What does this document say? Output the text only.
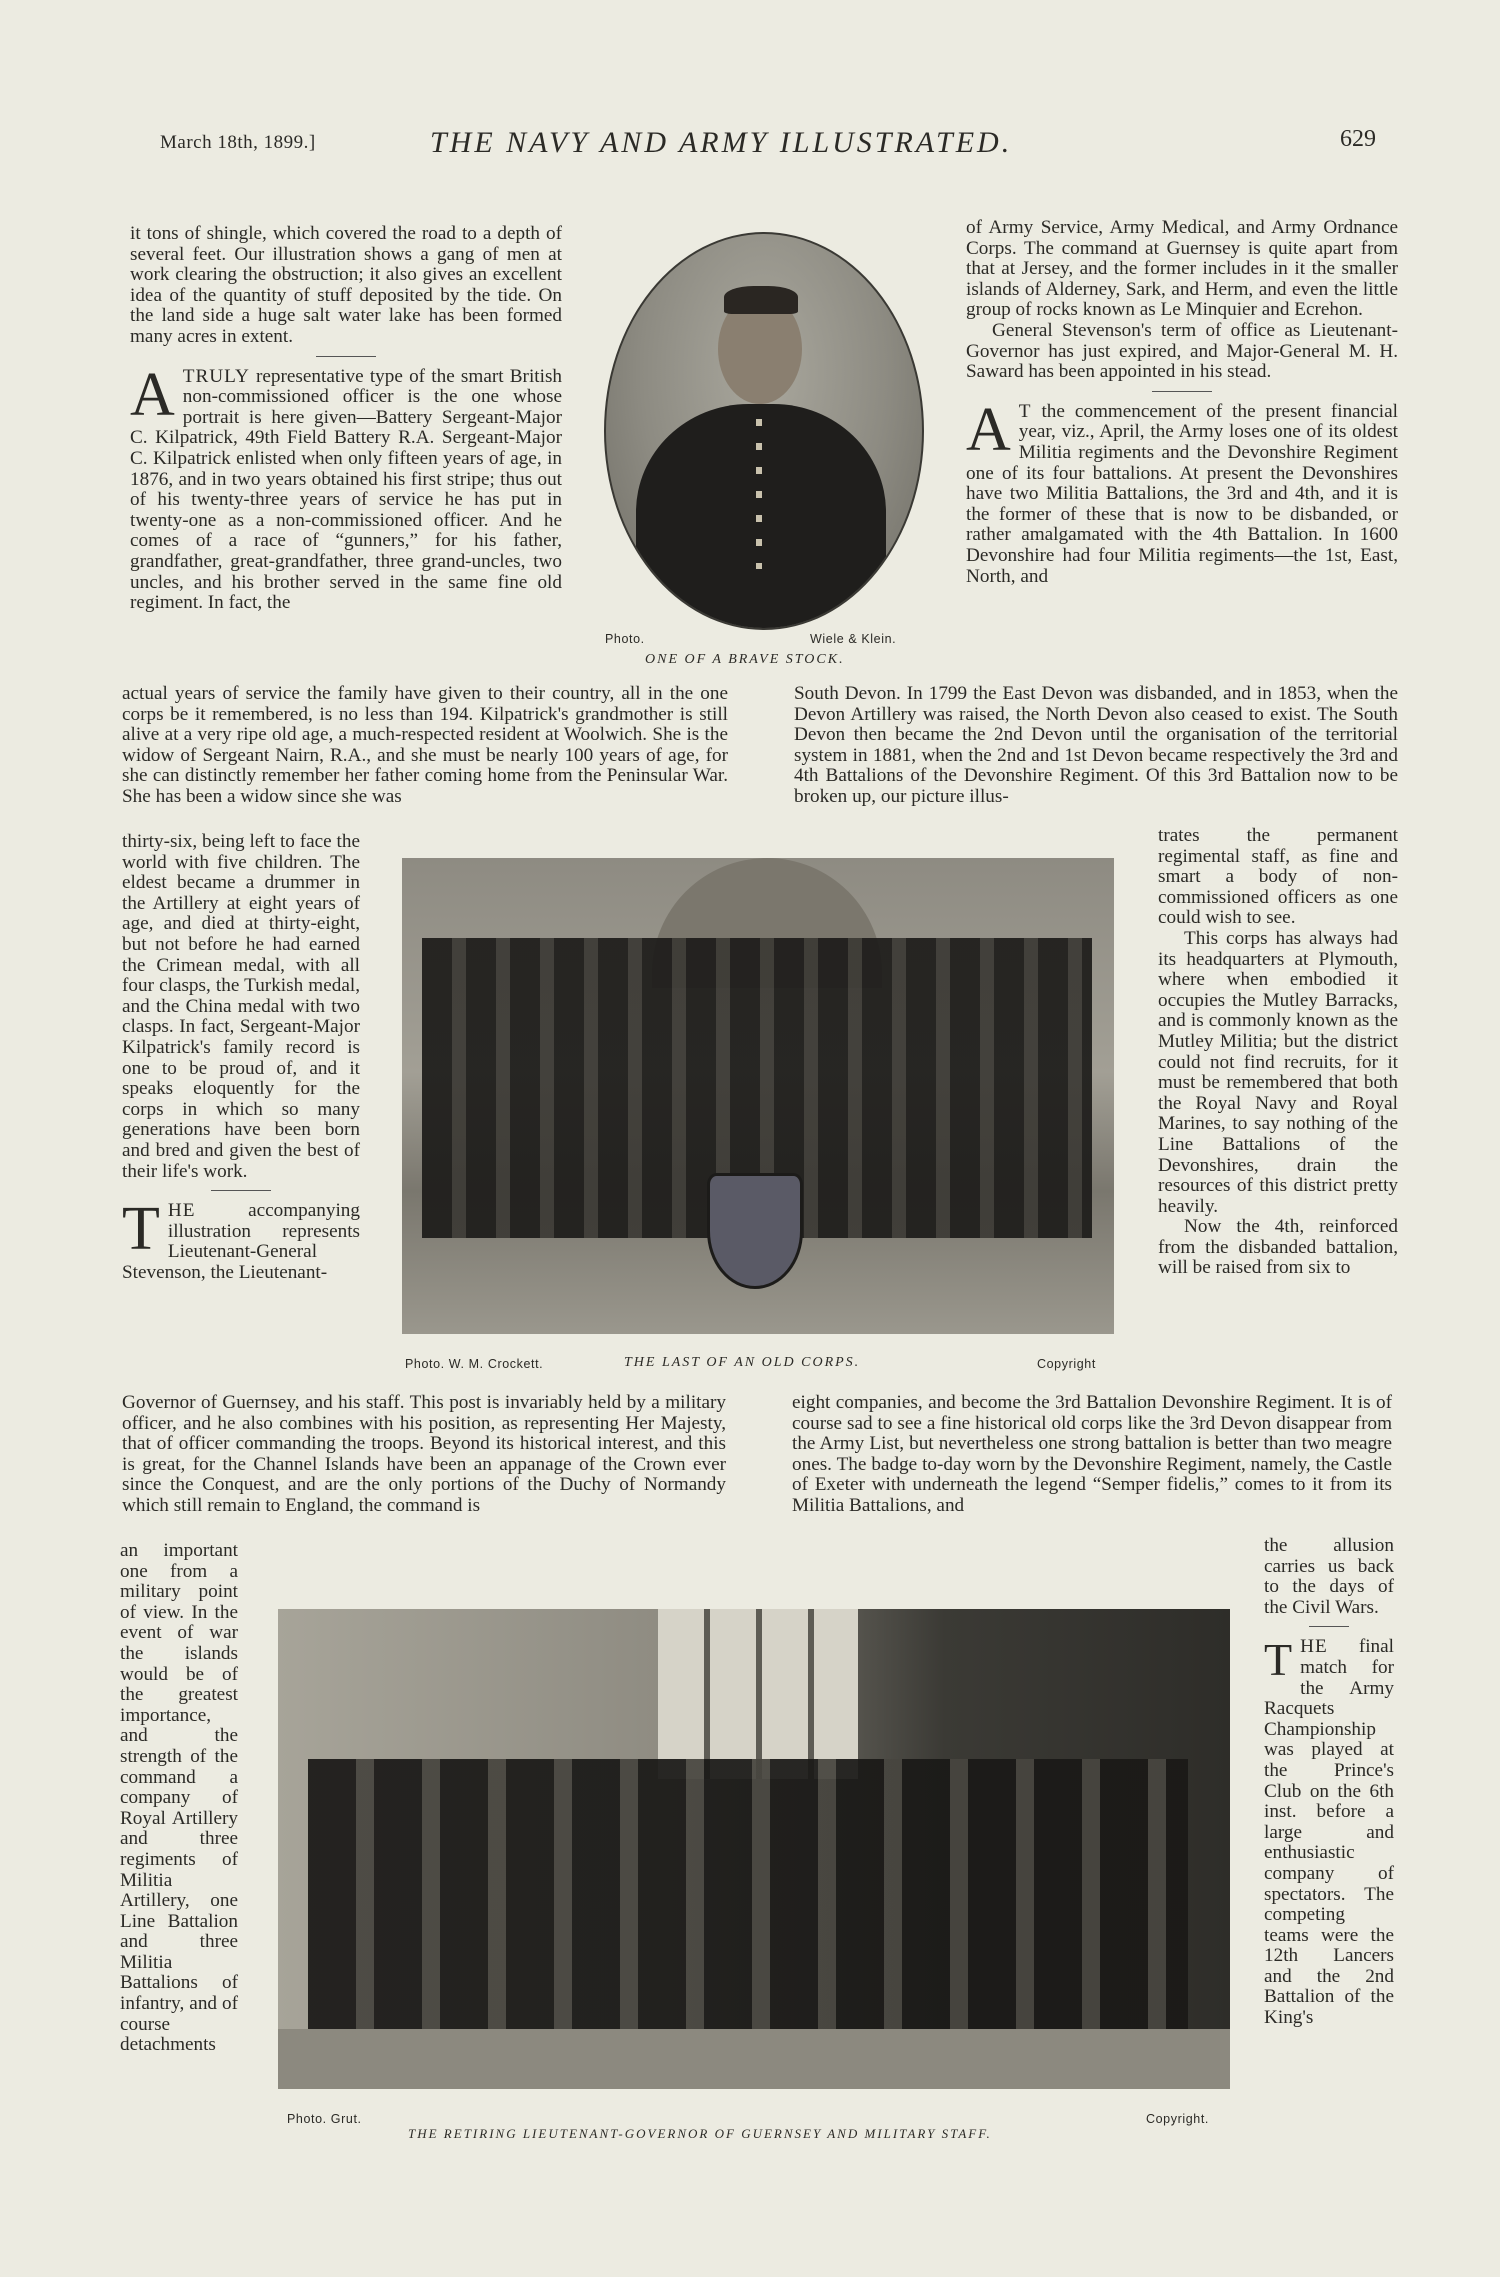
March 18th, 1899.]	THE NAVY AND ARMY ILLUSTRATED.	629

it tons of shingle, which covered the road to a depth of several feet. Our illustration shows a gang of men at work clearing the obstruction; it also gives an excellent idea of the quantity of stuff deposited by the tide. On the land side a huge salt water lake has been formed many acres in extent.

ATRULY representative type of the smart British non-commissioned officer is the one whose portrait is here given—Battery Sergeant-Major C. Kilpatrick, 49th Field Battery R.A. Sergeant-Major C. Kilpatrick enlisted when only fifteen years of age, in 1876, and in two years obtained his first stripe; thus out of his twenty-three years of service he has put in twenty-one as a non-commissioned officer. And he comes of a race of “gunners,” for his father, grandfather, great-grandfather, three grand-uncles, two uncles, and his brother served in the same fine old regiment. In fact, the

Photo.	Wiele & Klein.
ONE OF A BRAVE STOCK.

actual years of service the family have given to their country, all in the one corps be it remembered, is no less than 194. Kilpatrick's grandmother is still alive at a very ripe old age, a much-respected resident at Woolwich. She is the widow of Sergeant Nairn, R.A., and she must be nearly 100 years of age, for she can distinctly remember her father coming home from the Peninsular War. She has been a widow since she was

thirty-six, being left to face the world with five children. The eldest became a drummer in the Artillery at eight years of age, and died at thirty-eight, but not before he had earned the Crimean medal, with all four clasps, the Turkish medal, and the China medal with two clasps. In fact, Sergeant-Major Kilpatrick's family record is one to be proud of, and it speaks eloquently for the corps in which so many generations have been born and bred and given the best of their life's work.

THE	accompanying illustration represents Lieutenant-General Stevenson, the Lieutenant-

Photo. W. M. Crockett.	THE LAST OF AN OLD CORPS.	Copyright

Governor of Guernsey, and his staff. This post is invariably held by a military officer, and he also combines with his position, as representing Her Majesty, that of officer commanding the troops. Beyond its historical interest, and this is great, for the Channel Islands have been an appanage of the Crown ever since the Conquest, and are the only portions of the Duchy of Normandy which still remain to England, the command is

an important one from a military point of view. In the event of war the islands would be of the greatest importance, and the strength of the command a company of Royal Artillery and three regiments of Militia Artillery, one Line Battalion and three Militia Battalions of infantry, and of course detachments

Photo. Grut.
THE RETIRING LIEUTENANT-GOVERNOR OF GUERNSEY AND MILITARY STAFF.
Copyright.

of Army Service, Army Medical, and Army Ordnance Corps. The command at Guernsey is quite apart from that at Jersey, and the former includes in it the smaller islands of Alderney, Sark, and Herm, and even the little group of rocks known as Le Minquier and Ecrehon.

General Stevenson's term of office as Lieutenant-Governor has just expired, and Major-General M. H. Saward has been appointed in his stead.

A T the commencement of the present financial year, viz., April, the Army loses one of its oldest Militia regiments and the Devonshire Regiment one of its four battalions. At present the Devonshires have two Militia Battalions, the 3rd and 4th, and it is the former of these that is now to be disbanded, or rather amalgamated with the 4th Battalion. In 1600 Devonshire had four Militia regiments—the 1st, East, North, and

South Devon. In 1799 the East Devon was disbanded, and in 1853, when the Devon Artillery was raised, the North Devon also ceased to exist. The South Devon then became the 2nd Devon until the organisation of the territorial system in 1881, when the 2nd and 1st Devon became respectively the 3rd and 4th Battalions of the Devonshire Regiment. Of this 3rd Battalion now to be broken up, our picture illus-

trates the permanent regimental staff, as fine and smart a body of non-commissioned officers as one could wish to see.

This corps has always had its headquarters at Plymouth, where when embodied it occupies the Mutley Barracks, and is commonly known as the Mutley Militia; but the district could not find recruits, for it must be remembered that both the Royal Navy and Royal Marines, to say nothing of the Line Battalions of the Devonshires, drain the resources of this district pretty heavily.

Now the 4th, reinforced from the disbanded battalion, will be raised from six to

eight companies, and become the 3rd Battalion Devonshire Regiment. It is of course sad to see a fine historical old corps like the 3rd Devon disappear from the Army List, but nevertheless one strong battalion is better than two meagre ones. The badge to-day worn by the Devonshire Regiment, namely, the Castle of Exeter with underneath the legend “Semper fidelis,” comes to it from its Militia Battalions, and

the allusion carries us back to the days of the Civil Wars.

THE final match for the Army Racquets Championship was played at the Prince's Club on the 6th inst. before a large and enthusiastic company of spectators. The competing teams were the 12th Lancers and the 2nd Battalion of the King's
